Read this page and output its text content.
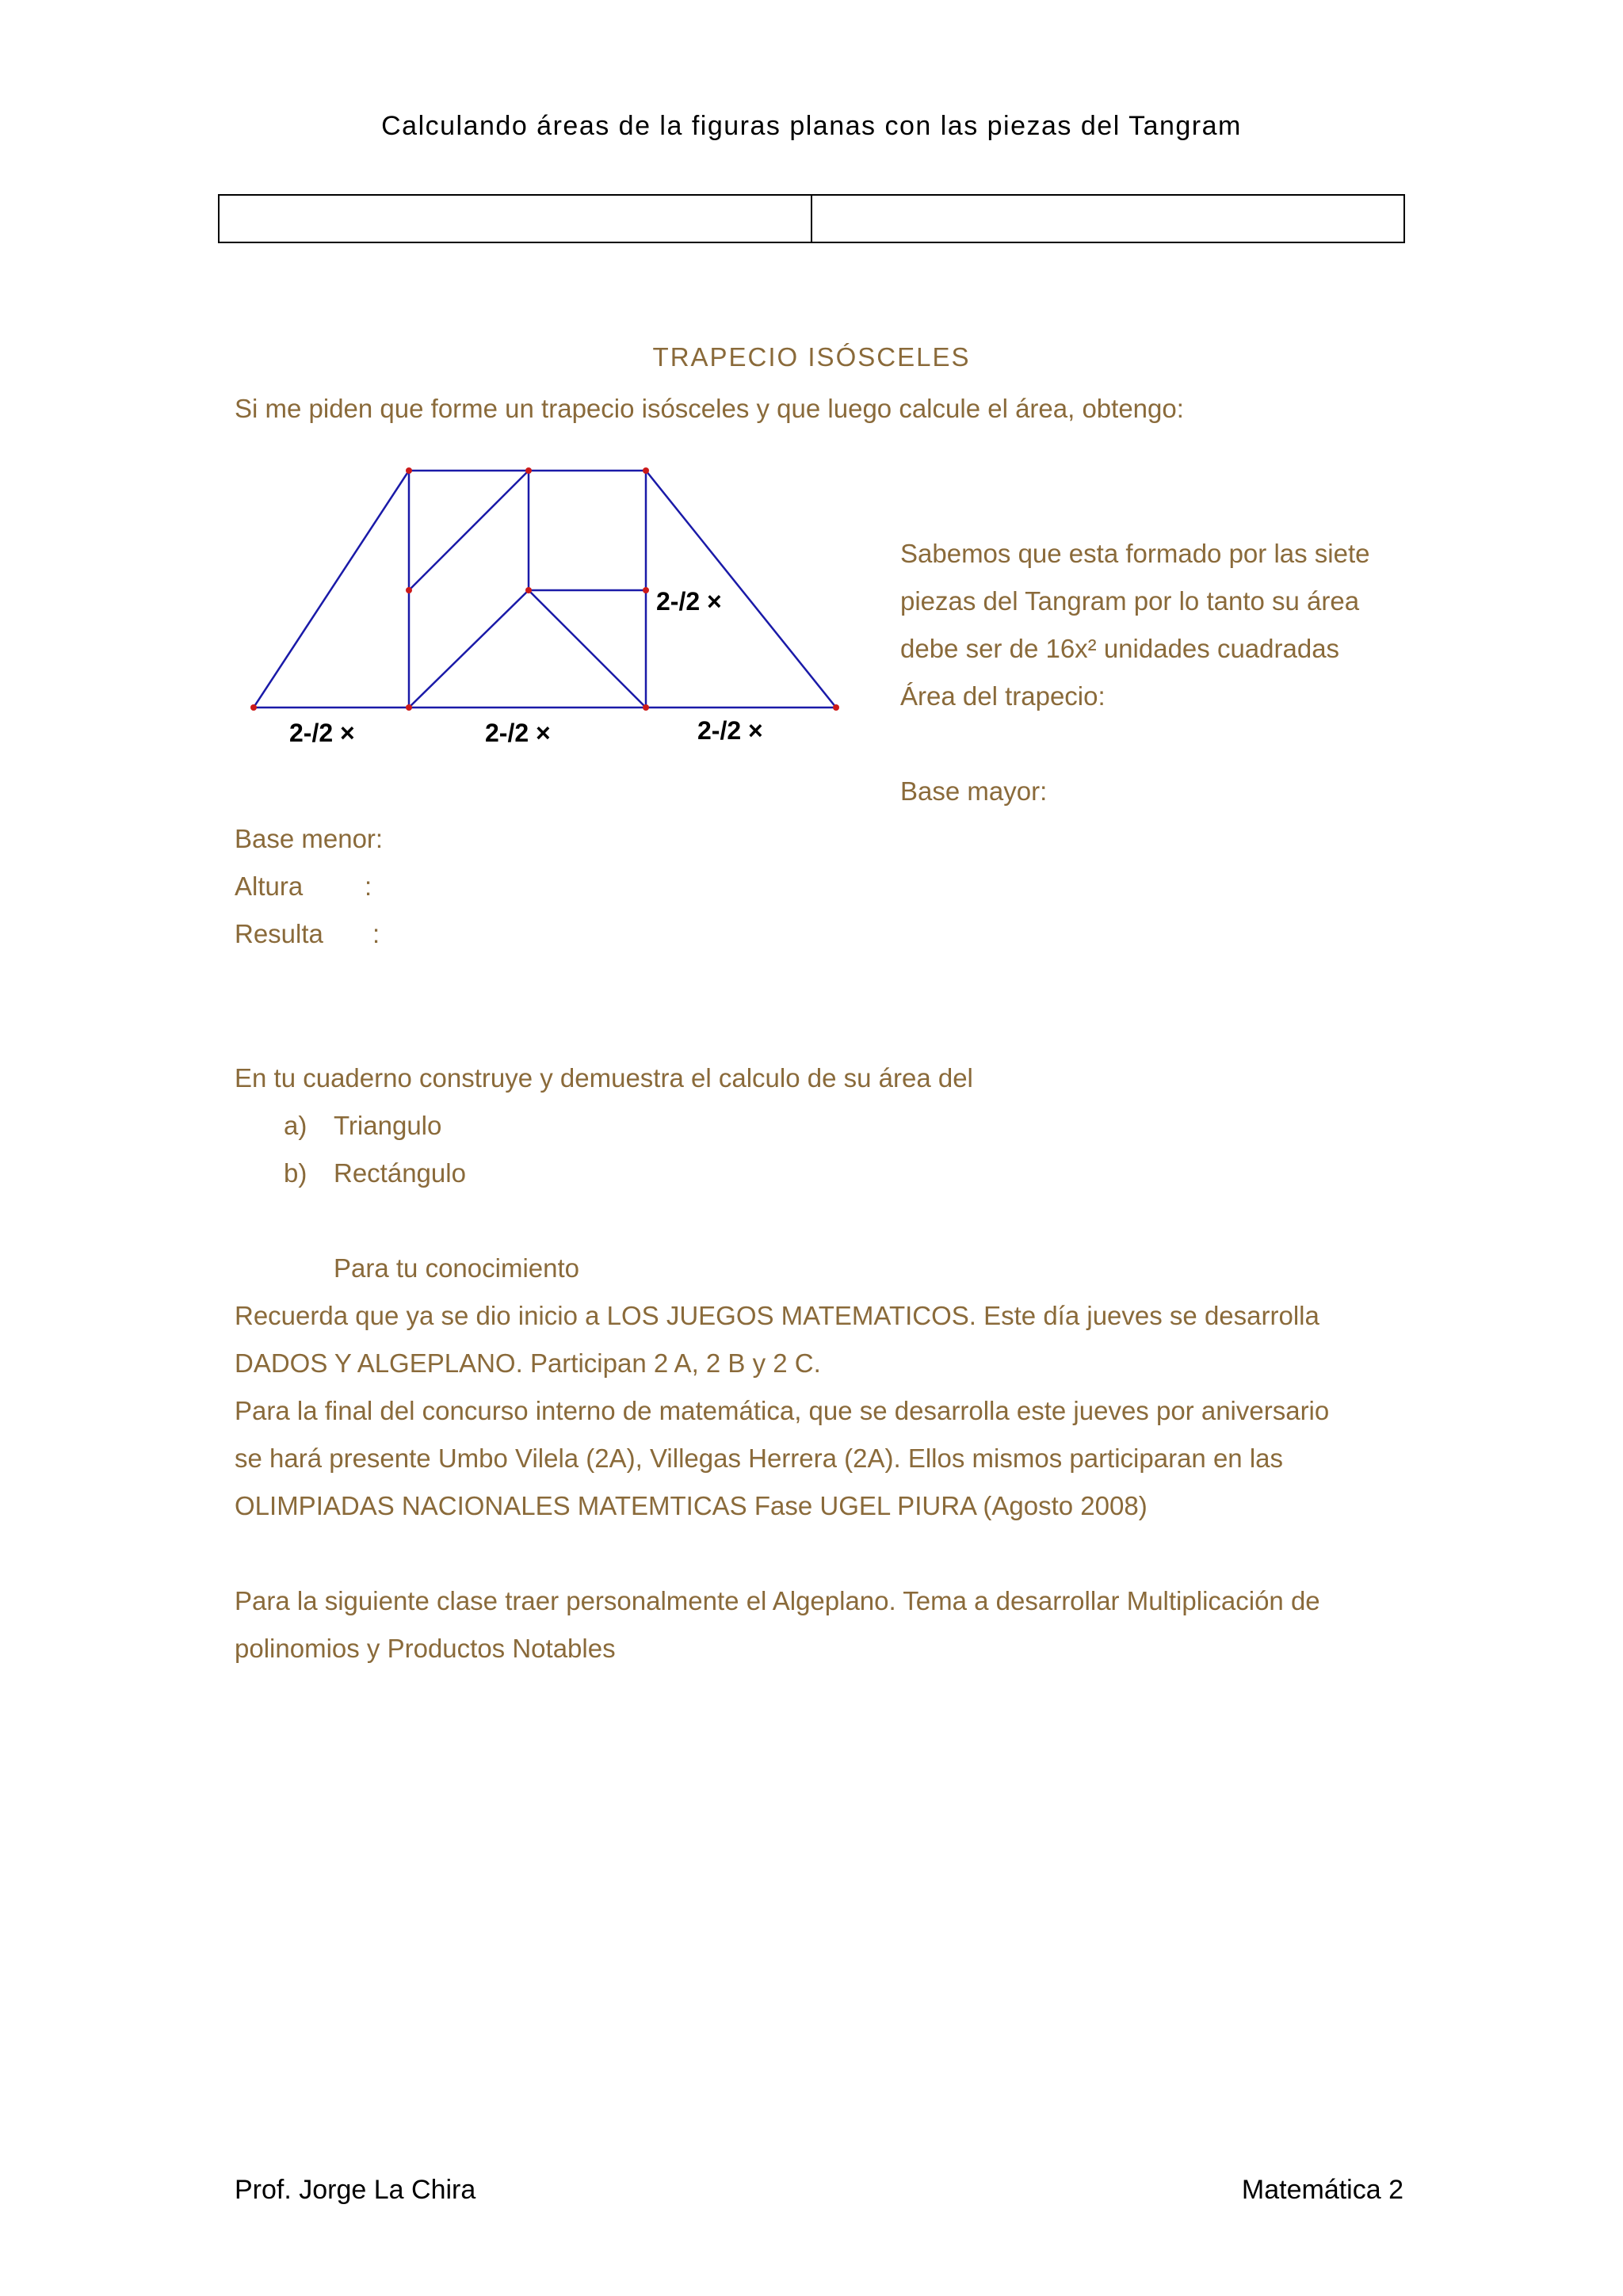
Calculando áreas de la figuras planas con las piezas del Tangram
TRAPECIO ISÓSCELES
Si me piden que forme un trapecio isósceles y que luego calcule el área, obtengo:
2-/2 ×
2-/2 ×	2-/2 ×	2-/2 ×
Sabemos que esta formado por las siete
piezas del Tangram por lo tanto su área
debe ser de 16x² unidades cuadradas
Área del trapecio:
Base mayor:
Base menor:
Altura :
Resulta :
En tu cuaderno construye y demuestra el calculo de su área del
a) Triangulo
b) Rectángulo
Para tu conocimiento
Recuerda que ya se dio inicio a LOS JUEGOS MATEMATICOS. Este día jueves se desarrolla
DADOS Y ALGEPLANO. Participan 2 A, 2 B y 2 C.
Para la final del concurso interno de matemática, que se desarrolla este jueves por aniversario
se hará presente Umbo Vilela (2A), Villegas Herrera (2A). Ellos mismos participaran en las
OLIMPIADAS NACIONALES MATEMTICAS Fase UGEL PIURA (Agosto 2008)
Para la siguiente clase traer personalmente el Algeplano. Tema a desarrollar Multiplicación de
polinomios y Productos Notables
Prof. Jorge La Chira	Matemática 2
